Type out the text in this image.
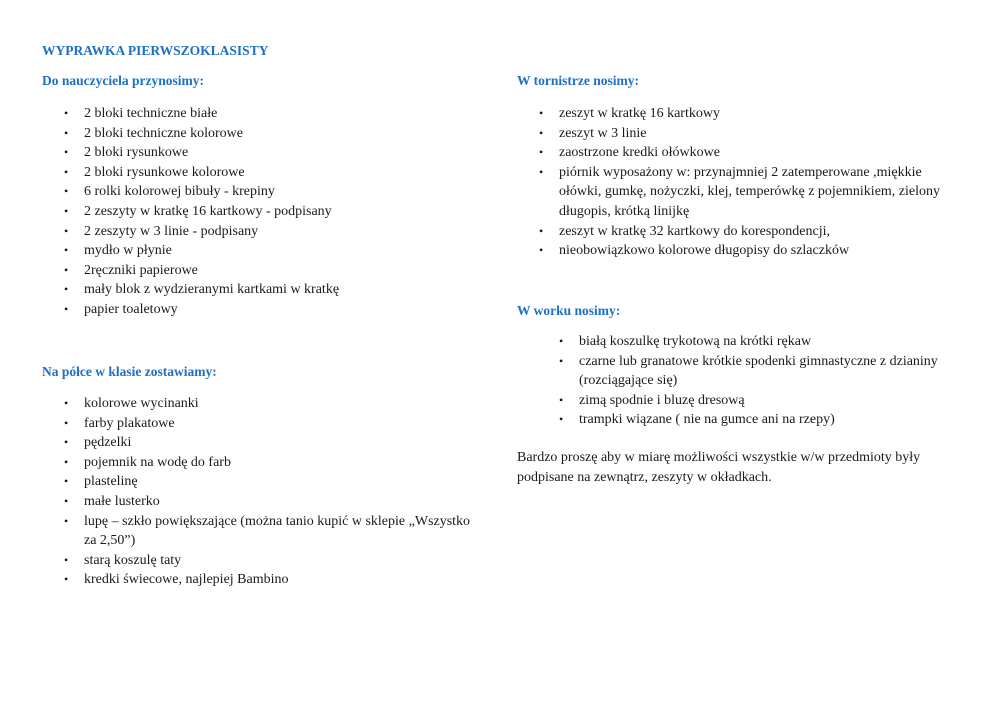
WYPRAWKA PIERWSZOKLASISTY
Do nauczyciela przynosimy:
• 2 bloki techniczne białe
• 2 bloki techniczne kolorowe
• 2 bloki rysunkowe
• 2 bloki rysunkowe kolorowe
• 6 rolki kolorowej bibuły - krepiny
• 2 zeszyty w kratkę 16 kartkowy - podpisany
• 2 zeszyty w 3 linie - podpisany
• mydło w płynie
• 2ręczniki papierowe
• mały blok z wydzieranymi kartkami w kratkę
• papier toaletowy
Na półce w klasie zostawiamy:
• kolorowe wycinanki
• farby plakatowe
• pędzelki
• pojemnik na wodę do farb
• plastelinę
• małe lusterko
• lupę – szkło powiększające (można tanio kupić w sklepie „Wszystko za 2,50”)
• starą koszulę taty
• kredki świecowe, najlepiej Bambino
W tornistrze nosimy:
• zeszyt w kratkę 16 kartkowy
• zeszyt w 3 linie
• zaostrzone kredki ołówkowe
• piórnik wyposażony w: przynajmniej 2 zatemperowane ,miękkie ołówki, gumkę, nożyczki, klej, temperówkę z pojemnikiem, zielony długopis, krótką linijkę
• zeszyt w kratkę 32 kartkowy do korespondencji,
• nieobowiązkowo kolorowe długopisy do szlaczków
W worku nosimy:
• białą koszulkę trykotową na krótki rękaw
• czarne lub granatowe krótkie spodenki gimnastyczne z dzianiny (rozciągające się)
• zimą spodnie i bluzę dresową
• trampki wiązane ( nie na gumce ani na rzepy)

Bardzo proszę aby w miarę możliwości wszystkie w/w przedmioty były podpisane na zewnątrz, zeszyty w okładkach.
